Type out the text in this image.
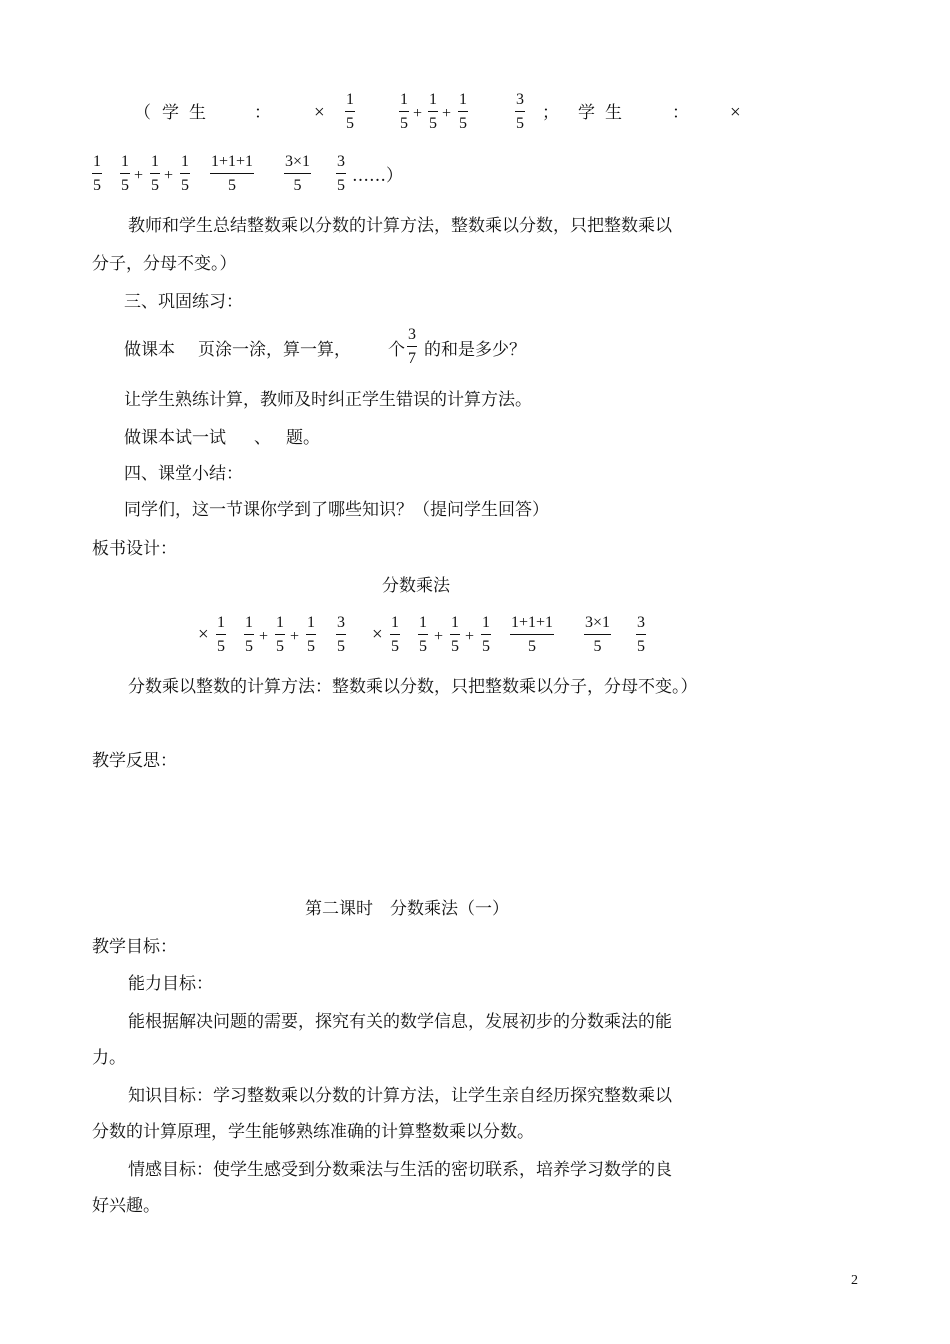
（ 学生 ： ×
1
5
1
5
+
1
5
+
1
5
3
5
； 学生 ： ×
1
5
1
5
+
1
5
+
1
5
1+1+1
5
3×1
5
3
5 ……）
教师和学生总结整数乘以分数的计算方法，整数乘以分数，只把整数乘以
分子，分母不变。）
三、巩固练习：
做课本 页涂一涂，算一算， 个
3
7 的和是多少？
让学生熟练计算，教师及时纠正学生错误的计算方法。
做课本试一试 、 题。
四、课堂小结：
同学们，这一节课你学到了哪些知识？（提问学生回答）
板书设计：
分数乘法
×
1
5
1
5
+
1
5
+
1
5
3
5
×
1
5
1
5
+
1
5
+
1
5
1+1+1
5
3×1
5
3
5
分数乘以整数的计算方法：整数乘以分数，只把整数乘以分子，分母不变。）
教学反思：
第二课时　分数乘法（一）
教学目标：
能力目标：
能根据解决问题的需要，探究有关的数学信息，发展初步的分数乘法的能
力。
知识目标：学习整数乘以分数的计算方法，让学生亲自经历探究整数乘以
分数的计算原理，学生能够熟练准确的计算整数乘以分数。
情感目标：使学生感受到分数乘法与生活的密切联系，培养学习数学的良
好兴趣。
2
